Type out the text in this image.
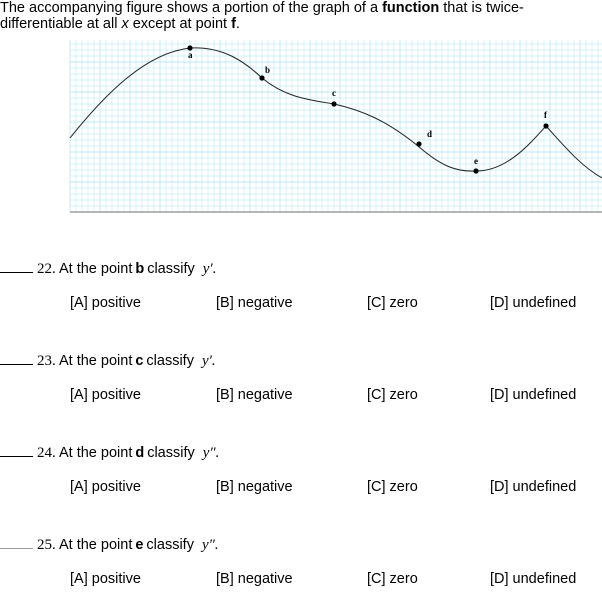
The accompanying figure shows a portion of the graph of a function that is twice-differentiable at all x except at point f.
a
b
c
d
e
f
22. At the point b classify y′.
[A] positive	[B] negative	[C] zero	[D] undefined
23. At the point c classify y′.
[A] positive	[B] negative	[C] zero	[D] undefined
24. At the point d classify y″.
[A] positive	[B] negative	[C] zero	[D] undefined
25. At the point e classify y″.
[A] positive	[B] negative	[C] zero	[D] undefined
